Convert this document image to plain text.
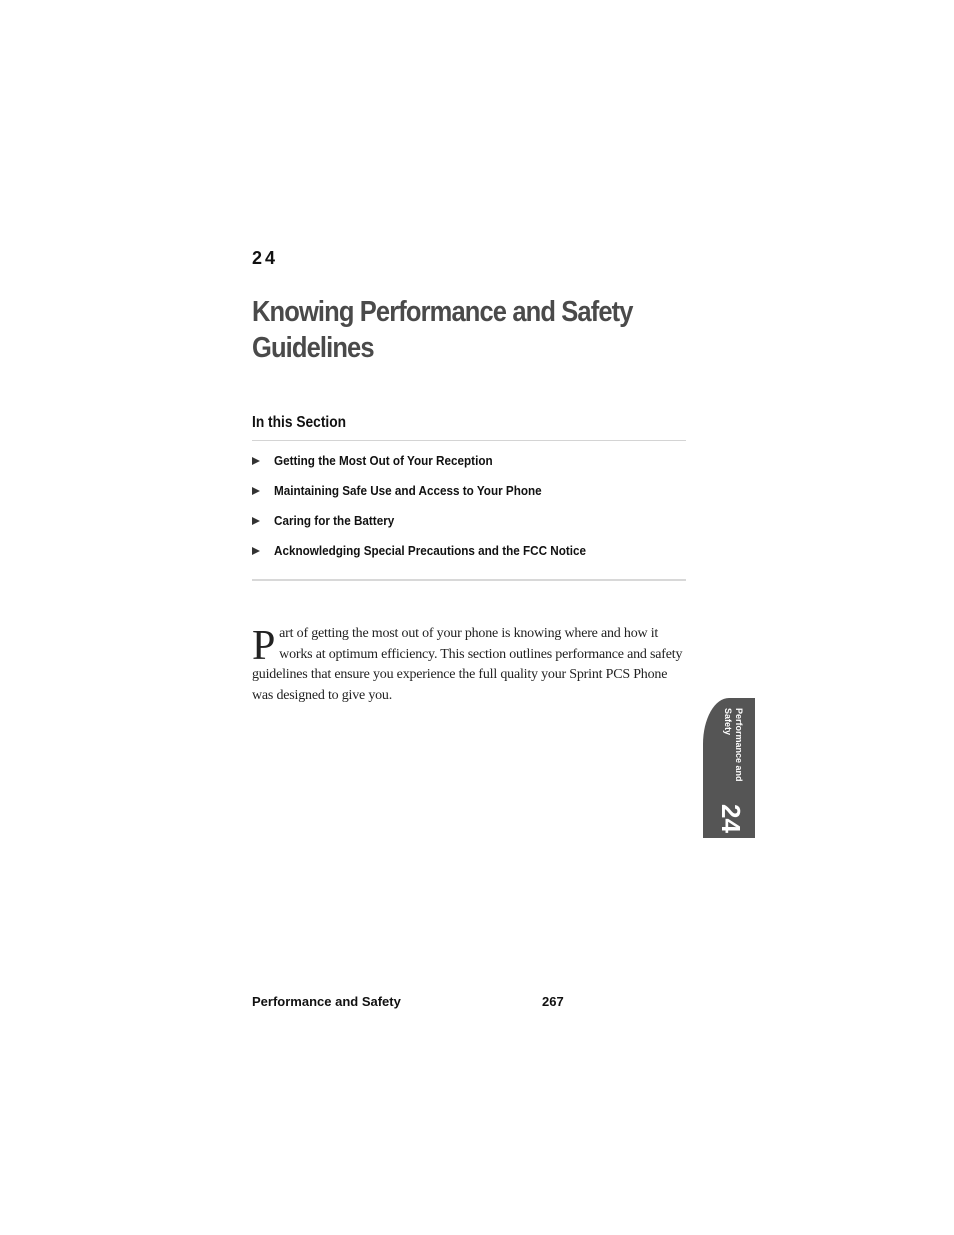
24
Knowing Performance and Safety Guidelines
In this Section
Getting the Most Out of Your Reception
Maintaining Safe Use and Access to Your Phone
Caring for the Battery
Acknowledging Special Precautions and the FCC Notice

Part of getting the most out of your phone is knowing where and how it works at optimum efficiency. This section outlines performance and safety guidelines that ensure you experience the full quality your Sprint PCS Phone was designed to give you.

Performance and Safety
24
Performance and Safety	267
